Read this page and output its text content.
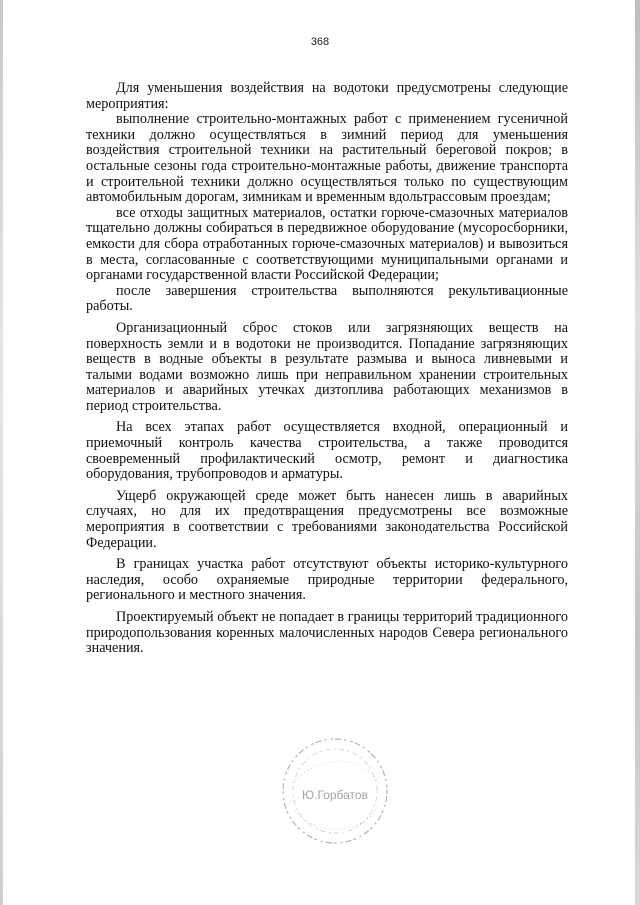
368

Для уменьшения воздействия на водотоки предусмотрены следующие мероприятия:

выполнение строительно-монтажных работ с применением гусеничной техники должно осуществляться в зимний период для уменьшения воздействия строительной техники на растительный береговой покров; в остальные сезоны года строительно-монтажные работы, движение транспорта и строительной техники должно осуществляться только по существующим автомобильным дорогам, зимникам и временным вдольтрассовым проездам;

все отходы защитных материалов, остатки горюче-смазочных материалов тщательно должны собираться в передвижное оборудование (мусоросборники, емкости для сбора отработанных горюче-смазочных материалов) и вывозиться в места, согласованные с соответствующими муниципальными органами и органами государственной власти Российской Федерации;

после завершения строительства выполняются рекультивационные работы.

Организационный сброс стоков или загрязняющих веществ на поверхность земли и в водотоки не производится. Попадание загрязняющих веществ в водные объекты в результате размыва и выноса ливневыми и талыми водами возможно лишь при неправильном хранении строительных материалов и аварийных утечках дизтоплива работающих механизмов в период строительства.

На всех этапах работ осуществляется входной, операционный и приемочный контроль качества строительства, а также проводится своевременный профилактический осмотр, ремонт и диагностика оборудования, трубопроводов и арматуры.

Ущерб окружающей среде может быть нанесен лишь в аварийных случаях, но для их предотвращения предусмотрены все возможные мероприятия в соответствии с требованиями законодательства Российской Федерации.

В границах участка работ отсутствуют объекты историко-культурного наследия, особо охраняемые природные территории федерального, регионального и местного значения.

Проектируемый объект не попадает в границы территорий традиционного природопользования коренных малочисленных народов Севера регионального значения.

Ю.Горбатов
